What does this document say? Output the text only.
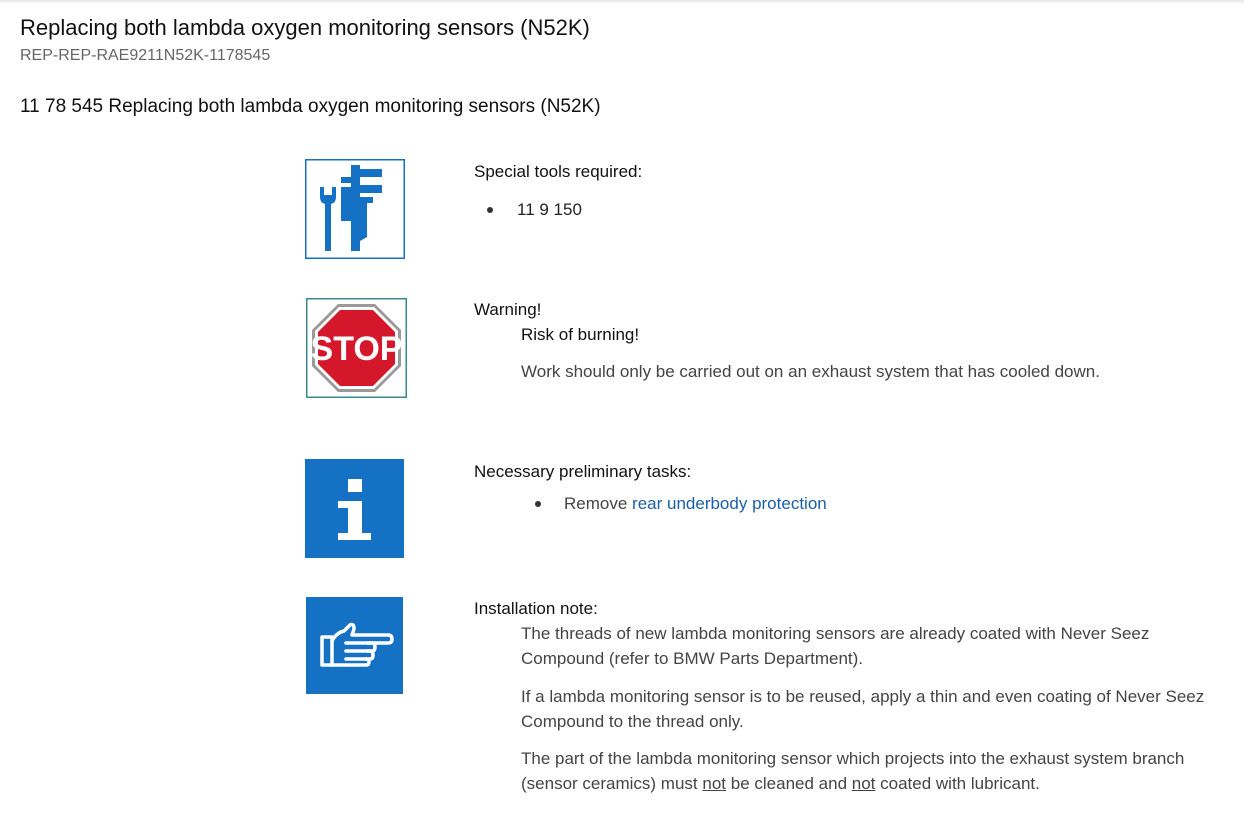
Replacing both lambda oxygen monitoring sensors (N52K)
REP-REP-RAE9211N52K-1178545
11 78 545 Replacing both lambda oxygen monitoring sensors (N52K)
Special tools required:
11 9 150
STOP
Warning!
Risk of burning!
Work should only be carried out on an exhaust system that has cooled down.
Necessary preliminary tasks:
Remove rear underbody protection
Installation note:
The threads of new lambda monitoring sensors are already coated with Never Seez
Compound (refer to BMW Parts Department).
If a lambda monitoring sensor is to be reused, apply a thin and even coating of Never Seez
Compound to the thread only.
The part of the lambda monitoring sensor which projects into the exhaust system branch
(sensor ceramics) must not be cleaned and not coated with lubricant.
